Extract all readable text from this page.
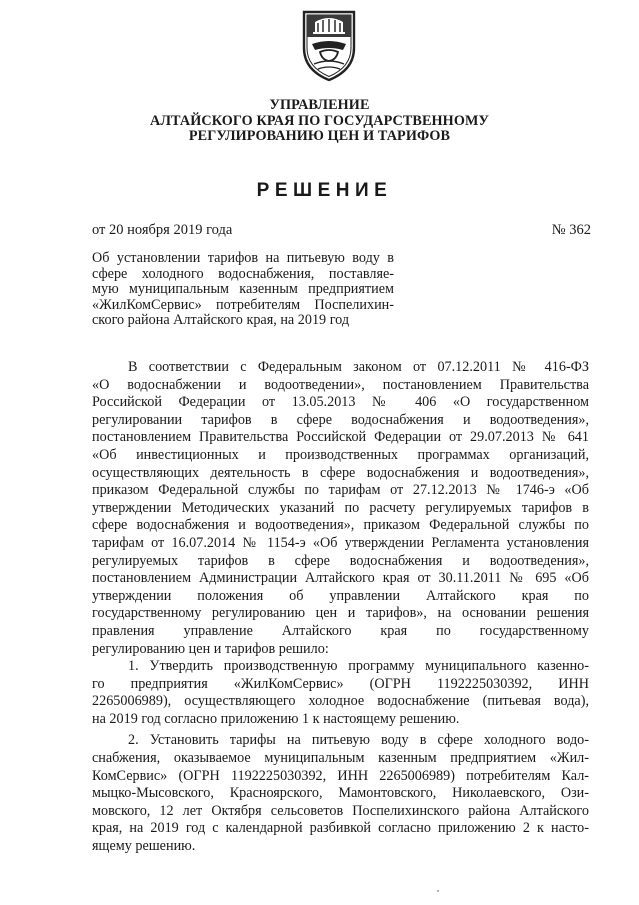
УПРАВЛЕНИЕ
АЛТАЙСКОГО КРАЯ ПО ГОСУДАРСТВЕННОМУ
РЕГУЛИРОВАНИЮ ЦЕН И ТАРИФОВ
РЕШЕНИЕ
от 20 ноября 2019 года	№ 362
Об установлении тарифов на питьевую воду в
сфере холодного водоснабжения, поставляе-
мую муниципальным казенным предприятием
«ЖилКомСервис» потребителям Поспелихин-
ского района Алтайского края, на 2019 год
В соответствии с Федеральным законом от 07.12.2011 № 416-ФЗ
«О водоснабжении и водоотведении», постановлением Правительства
Российской Федерации от 13.05.2013 № 406 «О государственном
регулировании тарифов в сфере водоснабжения и водоотведения»,
постановлением Правительства Российской Федерации от 29.07.2013 № 641
«Об инвестиционных и производственных программах организаций,
осуществляющих деятельность в сфере водоснабжения и водоотведения»,
приказом Федеральной службы по тарифам от 27.12.2013 № 1746-э «Об
утверждении Методических указаний по расчету регулируемых тарифов в
сфере водоснабжения и водоотведения», приказом Федеральной службы по
тарифам от 16.07.2014 № 1154-э «Об утверждении Регламента установления
регулируемых тарифов в сфере водоснабжения и водоотведения»,
постановлением Администрации Алтайского края от 30.11.2011 № 695 «Об
утверждении положения об управлении Алтайского края по
государственному регулированию цен и тарифов», на основании решения
правления управление Алтайского края по государственному
регулированию цен и тарифов решило:
1. Утвердить производственную программу муниципального казенно-
го предприятия «ЖилКомСервис» (ОГРН 1192225030392, ИНН
2265006989), осуществляющего холодное водоснабжение (питьевая вода),
на 2019 год согласно приложению 1 к настоящему решению.
2. Установить тарифы на питьевую воду в сфере холодного водо-
снабжения, оказываемое муниципальным казенным предприятием «Жил-
КомСервис» (ОГРН 1192225030392, ИНН 2265006989) потребителям Кал-
мыцко-Мысовского, Красноярского, Мамонтовского, Николаевского, Ози-
мовского, 12 лет Октября сельсоветов Поспелихинского района Алтайского
края, на 2019 год с календарной разбивкой согласно приложению 2 к насто-
ящему решению.
